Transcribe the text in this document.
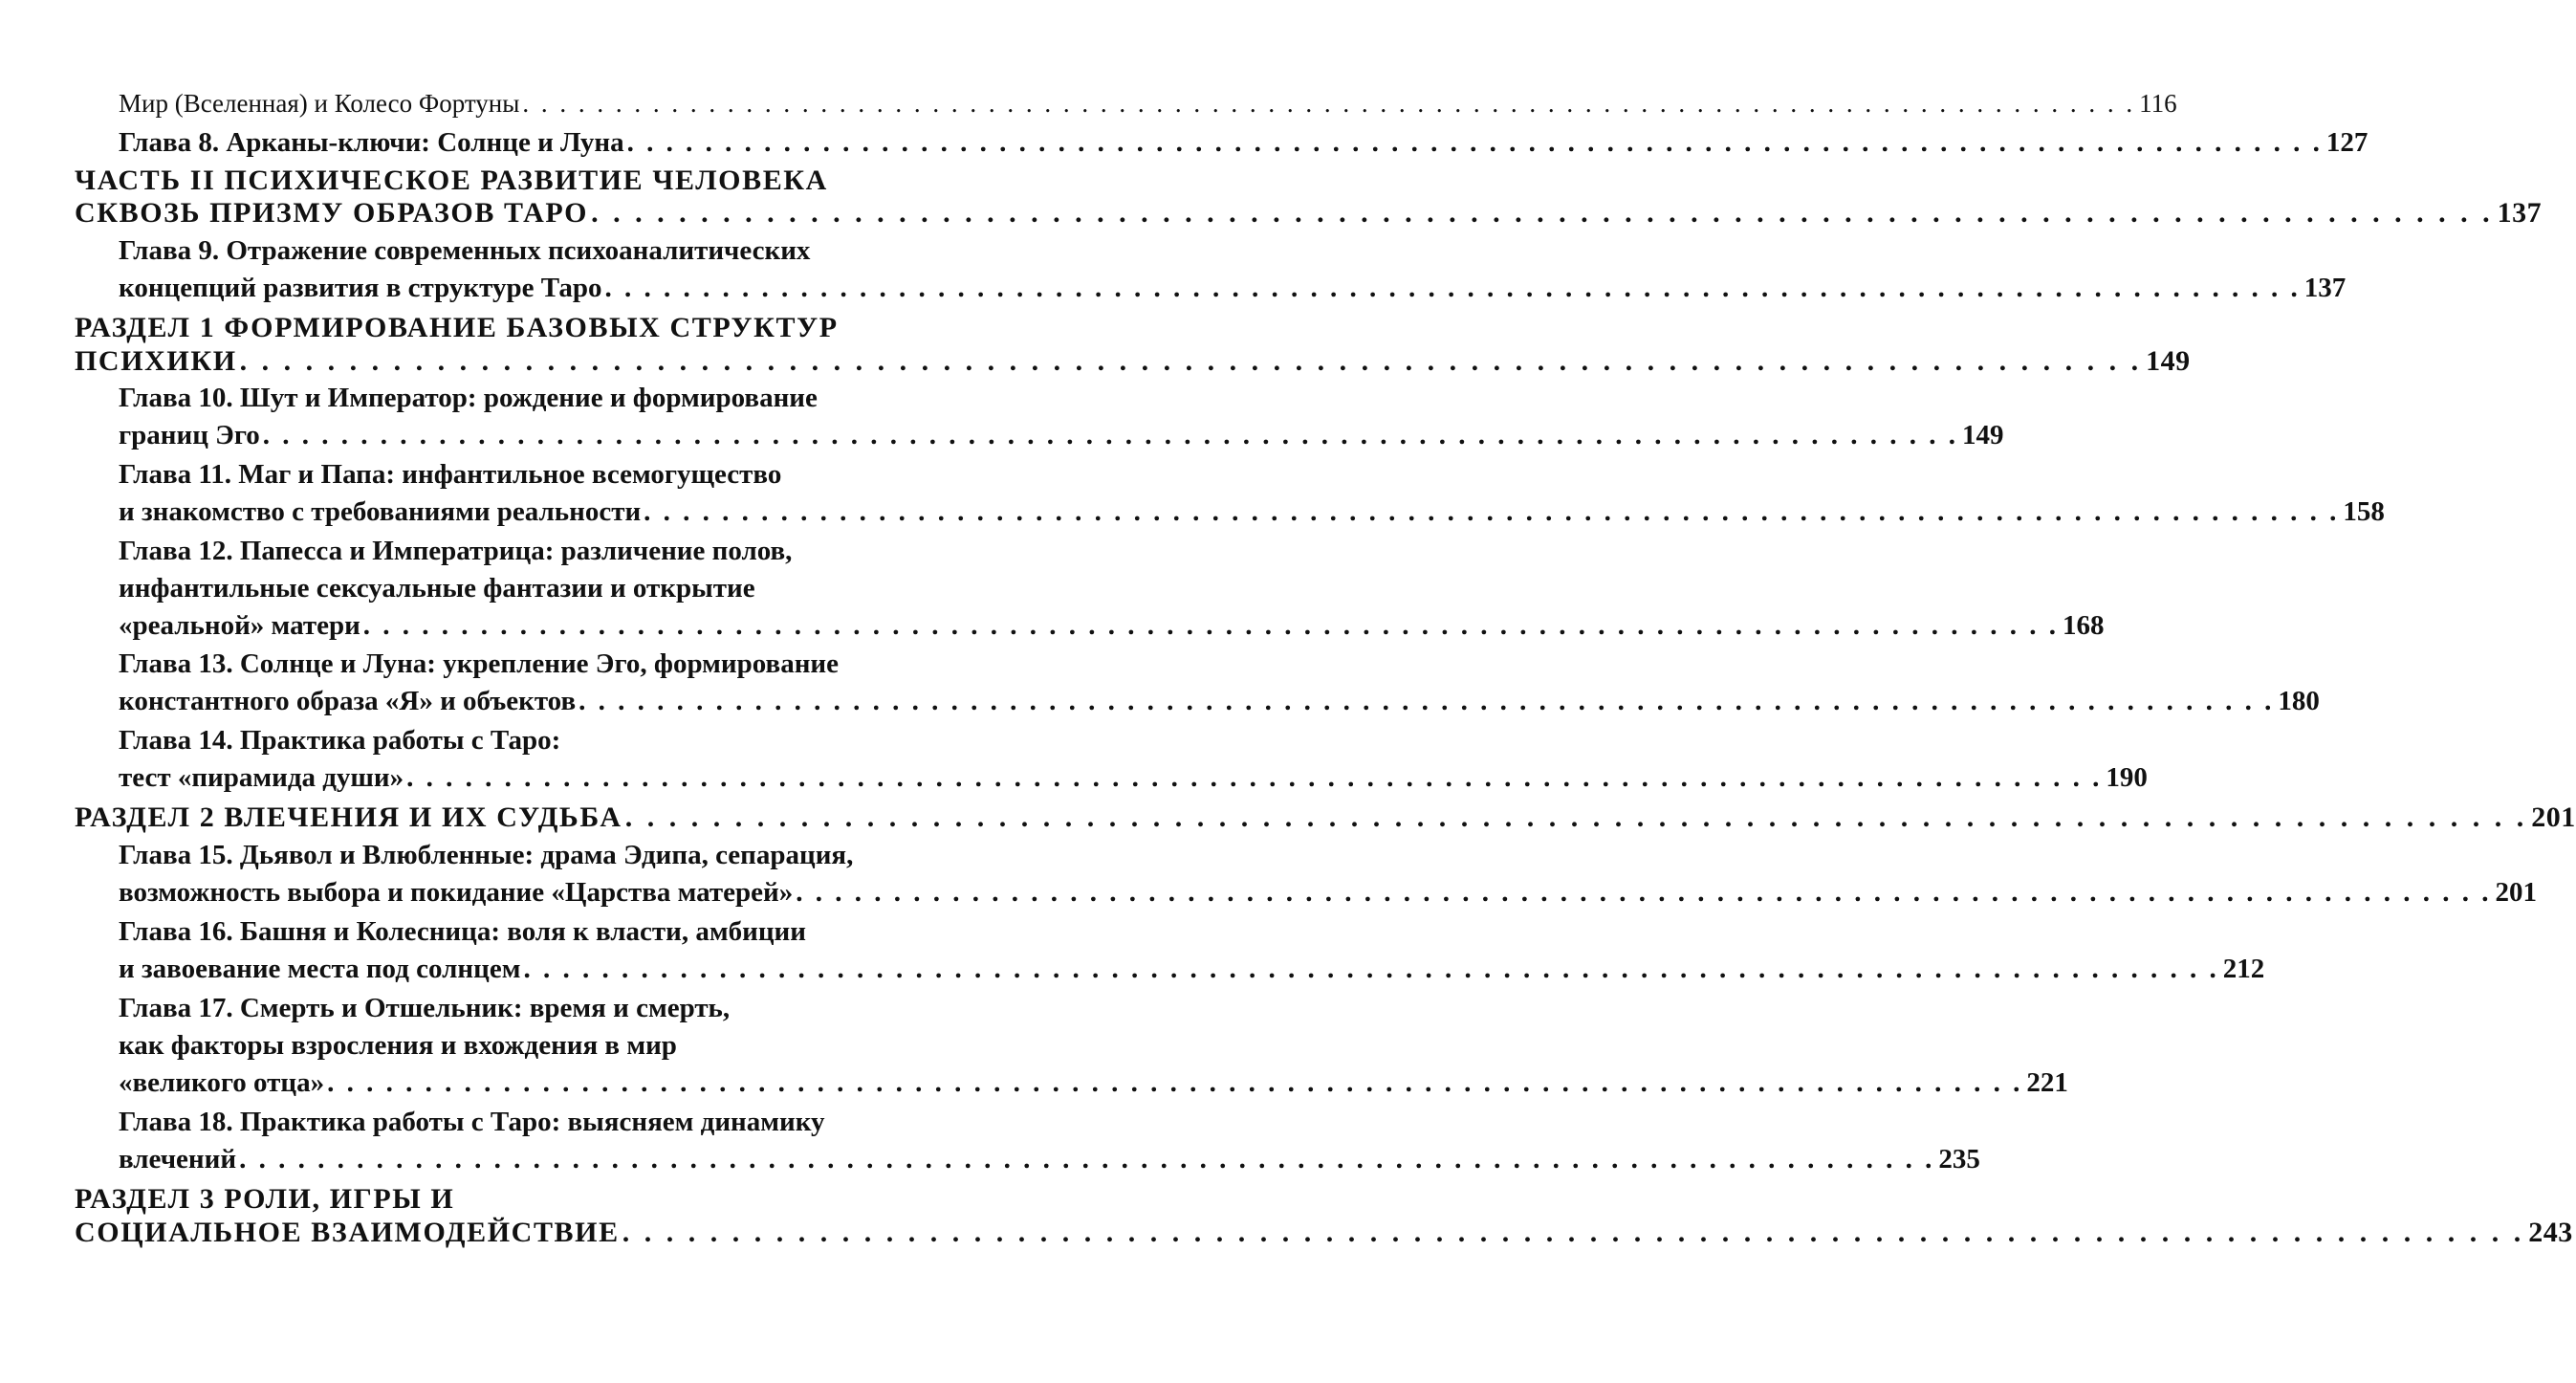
Мир (Вселенная) и Колесо Фортуны . . . . . . . . . . . . . . . . . . . . . . . . . . . . . . . . . . . . . . . . . . . . . . . . . . . . . . . . . . . . . . . . . . . . . . . . . . . . . . . . . . . . . . . 116
Глава 8. Арканы-ключи: Солнце и Луна . . . . . . . . . . . . . . . . . . . . . . . . . . . . . . . . . . . . . . . . . . . . . . . . . . . . . . . . . . . . . . . . . . . . . . . . . . . . . . . . . . . . . . . 127
ЧАСТЬ II ПСИХИЧЕСКОЕ РАЗВИТИЕ ЧЕЛОВЕКА
СКВОЗЬ ПРИЗМУ ОБРАЗОВ ТАРО . . . . . . . . . . . . . . . . . . . . . . . . . . . . . . . . . . . . . . . . . . . . . . . . . . . . . . . . . . . . . . . . . . . . . . . . . . . . . . . . . . . . . . . 137
Глава 9. Отражение современных психоаналитических
концепций развития в структуре Таро . . . . . . . . . . . . . . . . . . . . . . . . . . . . . . . . . . . . . . . . . . . . . . . . . . . . . . . . . . . . . . . . . . . . . . . . . . . . . . . . . . . . . . . 137
РАЗДЕЛ 1 ФОРМИРОВАНИЕ БАЗОВЫХ СТРУКТУР
ПСИХИКИ . . . . . . . . . . . . . . . . . . . . . . . . . . . . . . . . . . . . . . . . . . . . . . . . . . . . . . . . . . . . . . . . . . . . . . . . . . . . . . . . . . . . . . . 149
Глава 10. Шут и Император: рождение и формирование
границ Эго . . . . . . . . . . . . . . . . . . . . . . . . . . . . . . . . . . . . . . . . . . . . . . . . . . . . . . . . . . . . . . . . . . . . . . . . . . . . . . . . . . . . . . . 149
Глава 11. Маг и Папа: инфантильное всемогущество
и знакомство с требованиями реальности . . . . . . . . . . . . . . . . . . . . . . . . . . . . . . . . . . . . . . . . . . . . . . . . . . . . . . . . . . . . . . . . . . . . . . . . . . . . . . . . . . . . . . . 158
Глава 12. Папесса и Императрица: различение полов,
инфантильные сексуальные фантазии и открытие
«реальной» матери . . . . . . . . . . . . . . . . . . . . . . . . . . . . . . . . . . . . . . . . . . . . . . . . . . . . . . . . . . . . . . . . . . . . . . . . . . . . . . . . . . . . . . . 168
Глава 13. Солнце и Луна: укрепление Эго, формирование
константного образа «Я» и объектов . . . . . . . . . . . . . . . . . . . . . . . . . . . . . . . . . . . . . . . . . . . . . . . . . . . . . . . . . . . . . . . . . . . . . . . . . . . . . . . . . . . . . . . 180
Глава 14. Практика работы с Таро:
тест «пирамида души» . . . . . . . . . . . . . . . . . . . . . . . . . . . . . . . . . . . . . . . . . . . . . . . . . . . . . . . . . . . . . . . . . . . . . . . . . . . . . . . . . . . . . . . 190
РАЗДЕЛ 2 ВЛЕЧЕНИЯ И ИХ СУДЬБА . . . . . . . . . . . . . . . . . . . . . . . . . . . . . . . . . . . . . . . . . . . . . . . . . . . . . . . . . . . . . . . . . . . . . . . . . . . . . . . . . . . . . . . 201
Глава 15. Дьявол и Влюбленные: драма Эдипа, сепарация,
возможность выбора и покидание «Царства матерей» . . . . . . . . . . . . . . . . . . . . . . . . . . . . . . . . . . . . . . . . . . . . . . . . . . . . . . . . . . . . . . . . . . . . . . . . . . . . . . . . . . . . . . . 201
Глава 16. Башня и Колесница: воля к власти, амбиции
и завоевание места под солнцем . . . . . . . . . . . . . . . . . . . . . . . . . . . . . . . . . . . . . . . . . . . . . . . . . . . . . . . . . . . . . . . . . . . . . . . . . . . . . . . . . . . . . . . 212
Глава 17. Смерть и Отшельник: время и смерть,
как факторы взросления и вхождения в мир
«великого отца» . . . . . . . . . . . . . . . . . . . . . . . . . . . . . . . . . . . . . . . . . . . . . . . . . . . . . . . . . . . . . . . . . . . . . . . . . . . . . . . . . . . . . . . 221
Глава 18. Практика работы с Таро: выясняем динамику
влечений . . . . . . . . . . . . . . . . . . . . . . . . . . . . . . . . . . . . . . . . . . . . . . . . . . . . . . . . . . . . . . . . . . . . . . . . . . . . . . . . . . . . . . . 235
РАЗДЕЛ 3 РОЛИ, ИГРЫ И
СОЦИАЛЬНОЕ ВЗАИМОДЕЙСТВИЕ . . . . . . . . . . . . . . . . . . . . . . . . . . . . . . . . . . . . . . . . . . . . . . . . . . . . . . . . . . . . . . . . . . . . . . . . . . . . . . . . . . . . . . . 243
